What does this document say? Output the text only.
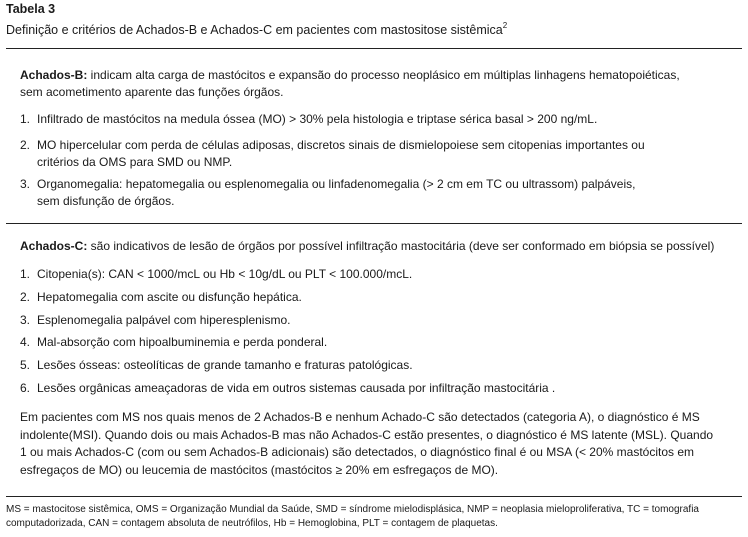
Tabela 3
Definição e critérios de Achados-B e Achados-C em pacientes com mastositose sistêmica$^2$
Achados-B: indicam alta carga de mastócitos e expansão do processo neoplásico em múltiplas linhagens hematopoiéticas,
sem acometimento aparente das funções órgãos.
1. Infiltrado de mastócitos na medula óssea (MO) > 30% pela histologia e triptase sérica basal > 200 ng/mL.
2. MO hipercelular com perda de células adiposas, discretos sinais de dismielopoiese sem citopenias importantes ou
critérios da OMS para SMD ou NMP.
3. Organomegalia: hepatomegalia ou esplenomegalia ou linfadenomegalia (> 2 cm em TC ou ultrassom) palpáveis,
sem disfunção de órgãos.
Achados-C: são indicativos de lesão de órgãos por possível infiltração mastocitária (deve ser conformado em biópsia se possível)
1. Citopenia(s): CAN < 1000/mcL ou Hb < 10g/dL ou PLT < 100.000/mcL.
2. Hepatomegalia com ascite ou disfunção hepática.
3. Esplenomegalia palpável com hiperesplenismo.
4. Mal-absorção com hipoalbuminemia e perda ponderal.
5. Lesões ósseas: osteolíticas de grande tamanho e fraturas patológicas.
6. Lesões orgânicas ameaçadoras de vida em outros sistemas causada por infiltração mastocitária .
Em pacientes com MS nos quais menos de 2 Achados-B e nenhum Achado-C são detectados (categoria A), o diagnóstico é MS
indolente(MSI). Quando dois ou mais Achados-B mas não Achados-C estão presentes, o diagnóstico é MS latente (MSL). Quando
1 ou mais Achados-C (com ou sem Achados-B adicionais) são detectados, o diagnóstico final é ou MSA (< 20% mastócitos em
esfregaços de MO) ou leucemia de mastócitos (mastócitos ≥ 20% em esfregaços de MO).
MS = mastocitose sistêmica, OMS = Organização Mundial da Saúde, SMD = síndrome mielodisplásica, NMP = neoplasia mieloproliferativa, TC = tomografia
computadorizada, CAN = contagem absoluta de neutrófilos, Hb = Hemoglobina, PLT = contagem de plaquetas.
